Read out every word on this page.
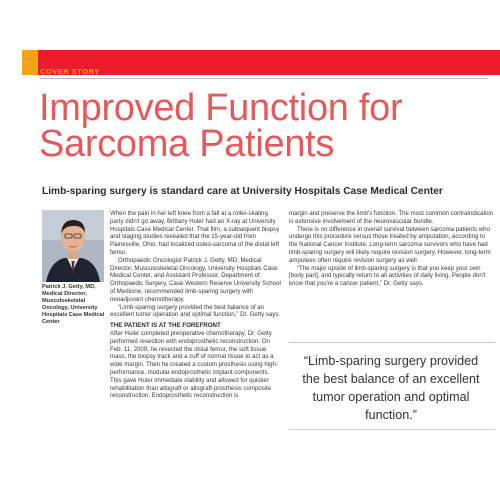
COVER STORY
Improved Function for Sarcoma Patients
Limb-sparing surgery is standard care at University Hospitals Case Medical Center
Patrick J. Getty, MD, Medical Director, Musculoskeletal Oncology, University Hospitals Case Medical Center

When the pain in her left knee from a fall at a roller-skating party didn't go away, Brittany Huler had an X-ray at University Hospitals Case Medical Center. That film, a subsequent biopsy and staging studies revealed that the 15-year-old from Painesville, Ohio, had localized osteo-sarcoma of the distal left femur.

Orthopaedic Oncologist Patrick J. Getty, MD, Medical Director, Musculoskeletal Oncology, University Hospitals Case Medical Center, and Assistant Professor, Department of Orthopaedic Surgery, Case Western Reserve University School of Medicine, recommended limb-sparing surgery with neoadjuvant chemotherapy.

“Limb-sparing surgery provided the best balance of an excellent tumor operation and optimal function,” Dr. Getty says.

THE PATIENT IS AT THE FOREFRONT

After Huler completed preoperative chemotherapy, Dr. Getty performed resection with endoprosthetic reconstruction. On Feb. 11, 2009, he resected the distal femur, the soft tissue mass, the biopsy track and a cuff of normal tissue to act as a wide margin. Then he created a custom prosthesis using high-performance, modular endoprosthetic implant components. This gave Huler immediate stability and allowed for quicker rehabilitation than allograft or allograft-prosthesis composite reconstruction. Endoprosthetic reconstruction is

margin and preserve the limb's function. The most common contraindication is extensive involvement of the neurovascular bundle.

There is no difference in overall survival between sarcoma patients who undergo this procedure versus those treated by amputation, according to the National Cancer Institute. Long-term sarcoma survivors who have had limb-sparing surgery will likely require revision surgery. However, long-term amputees often require revision surgery as well.

“The major upside of limb-sparing surgery is that you keep your own [body part], and typically return to all activities of daily living. People don't know that you're a cancer patient,” Dr. Getty says.

“Limb-sparing surgery provided the best balance of an excellent tumor operation and optimal function.”
